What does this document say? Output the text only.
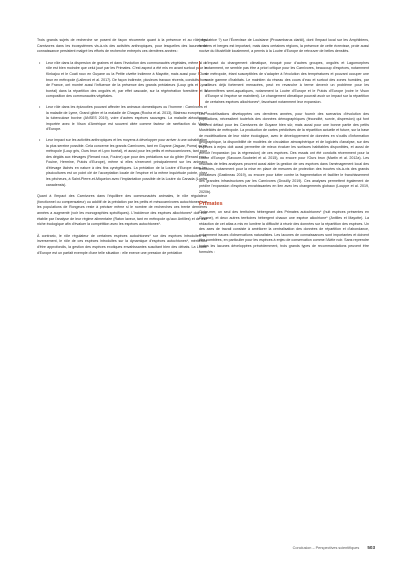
Trois grands sujets de recherche se posent de façon récurrente quant à la présence et au rôle des Carnivores dans les écosystèmes vis-à-vis des activités anthropiques, pour lesquelles des lacunes de connaissance persistent malgré les efforts de recherche entrepris ces dernières années :

• Leur rôle dans la dispersion de graines et dans l'évolution des communautés végétales, même si ce rôle est bien moindre que celui joué par les Primates. C'est aspect a été mis en avant surtout pour le Kinkajou et le Coati roux en Guyane ou la Petite civette indienne à Mayotte, mais aussi pour l'Ours brun en métropole (Lalleroni et al. 2017). De façon indirecte, plusieurs travaux récents, conduits hors de France, ont montré aussi l'influence de la présence des grands prédateurs (Loup gris et Lynx boréal) dans la répartition des ongulés et, par effet cascade, sur la régénération forestière et la composition des communautés végétales.
• Leur rôle dans les épizooties pouvant affecter les animaux domestiques ou l'homme : Carnivores et la maladie de Lyme, Grand gibier et la maladie de Chagas (Rocha et al. 2013), Blaireau européen et la tuberculose bovine (ANSES 2019), voire d'autres espèces sauvages. La maladie aléoutienne importée avec le Vison d'Amérique est souvent citée comme facteur de raréfaction du Vison d'Europe.
• Leur impact sur les activités anthropiques et les moyens à développer pour arriver à une cohabitation la plus sereine possible. Cela concerne les grands Carnivores, tant en Guyane (Jaguar, Puma) qu'en métropole (Loup gris, Ours brun et Lynx boréal), et aussi pour les petits et mésocarnivores, tant pour des dégâts aux élevages (Renard roux, Fouine) que pour des prédations sur du gibier (Renard roux, Fouine, Hermine, Putois d'Europe), même si elles s'exercent principalement sur les animaux d'élevage lâchés en nature à des fins cynégétiques. La prédation de la Loutre d'Europe dans les piscicultures est un point clé de l'acceptation locale de l'espèce et la même inquiétude pointe, chez les pêcheurs, à Saint-Pierre-et-Miquelon avec l'implantation possible de la Loutre du Canada (Lontra canadensis).

Quant à l'impact des Carnivores dans l'équilibre des communautés animales, le rôle régulateur (fonctionnel ou compensateur) ou additif de la prédation par les petits et mésocarnivores autochtones* sur les populations de Rongeurs reste à préciser même si le nombre de recherches ces trente dernières années a augmenté (voir les monographies spécifiques). L'incidence des espèces allochtones* doit être établie par l'analyse de leur régime alimentaire (Raton laveur, tant en métropole qu'aux Antilles) et de leur niche écologique afin d'évaluer la compétition avec les espèces autochtones*.

À contrario, le rôle régulateur de certaines espèces autochtones* sur des espèces introduites et, inversement, le rôle de ces espèces introduites sur la dynamique d'espèces autochtones*, mériteront d'être approfondis, la gestion des espèces exotiques envahissantes suscitant bien des débats. La Loutre d'Europe est un parfait exemple d'une telle situation : elle exerce une pression de prédation

(régulatrice ?) sur l'Écrevisse de Louisiane (Procambarus clarkii), dont l'impact local sur les Amphibiens, herbiers et berges est important, mais dans certaines régions, la présence de cette écrevisse, proie aussi nocive du Mustélidé localement, a permis à la Loutre d'Europe de retrouver de belles densités.

L'impact du changement climatique, évoqué pour d'autres groupes, ongulés et Lagomorphes notamment, ne semble pas être a priori critique pour les Carnivores, beaucoup d'espèces, notamment de métropole, étant susceptibles de s'adapter à l'évolution des températures et pouvant occuper une vaste gamme d'habitats. Le maintien du réseau des cours d'eau et surtout des zones humides, par ailleurs déjà fortement menacées, peut en revanche à terme devenir un problème pour les Mammifères semi-aquatiques, notamment la Loutre d'Europe et le Putois d'Europe (voire le Vison d'Europe si l'espèce se maintient). Le changement climatique pourrait avoir un impact sur la répartition de certaines espèces allochtones*, favorisant notamment leur expansion.

Les modélisations développées ces dernières années, pour fournir des scenarios d'évolution des populations, nécessitent toutefois des données démographiques (fécondité, survie, dispersion) qui font souvent défaut pour les Carnivores de Guyane bien sûr, mais aussi pour une bonne partie des petits Mustélidés de métropole. La production de cartes prédictives de la répartition actuelle et future, sur la base de modélisations de leur niche écologique, avec le développement de données en s'outils d'information géographique, la disponibilité de modèles de circulation atmosphérique et de logiciels d'analyse, sur des espèces à enjeu doit aussi permettre de mieux évaluer les surfaces habitables disponibles, et aussi de prévoir l'expansion (ou la régression) de ces espèces. Des essais ont été conduits récemment pour la Loutre d'Europe (Savoure-Soubelet et al. 2015), ou encore pour l'Ours brun (Martin et al. 2012a). Les résultats de telles analyses peuvent aussi aider la gestion de ces espèces dans l'aménagement local des territoires, notamment pour la mise en place de mesures de protection des trouées vis-à-vis des grands prédateurs (Gastineau 2019), ou encore pour lutter contre la fragmentation et faciliter le franchissement des grandes infrastructures par les Carnivores (Drouilly 2019). Ces analyses permettent également de prédire l'expansion d'espèces envahissantes en lien avec les changements globaux (Louppe et al. 2019, 2020b).

Primates

Outre-mer, un seul des territoires hébergeant des Primates autochtones* (huit espèces présentes en Guyane), et deux autres territoires hébergent chacun une espèce allochtone* (Antilles et Mayotte). La rédaction de cet atlas a mis en lumière la difficulté à réunir des données sur la répartition des espèces. Un des axes de travail consiste à améliorer la centralisation des données de répartition et d'abondance, notamment issues d'observations naturalistes. Les lacunes de connaissances sont importantes et doivent être comblées, en particulier pour les espèces à enjeu de conservation comme l'Atèle noir. Sans reprendre toutes les lacunes développées précédemment, trois grands types de recommandations peuvent être formulés :

Conclusion – Perspectives scientifiques 503
